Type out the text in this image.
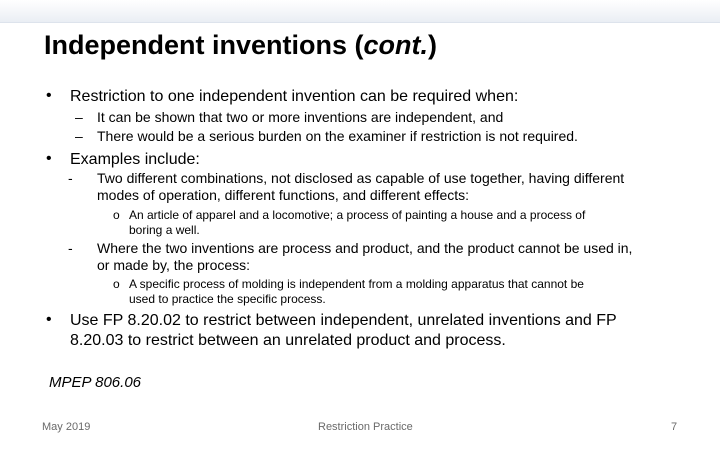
Independent inventions (cont.)
• Restriction to one independent invention can be required when:
– It can be shown that two or more inventions are independent, and
– There would be a serious burden on the examiner if restriction is not required.
• Examples include:
- Two different combinations, not disclosed as capable of use together, having different
modes of operation, different functions, and different effects:
o An article of apparel and a locomotive; a process of painting a house and a process of
boring a well.
- Where the two inventions are process and product, and the product cannot be used in,
or made by, the process:
o A specific process of molding is independent from a molding apparatus that cannot be
used to practice the specific process.
• Use FP 8.20.02 to restrict between independent, unrelated inventions and FP
8.20.03 to restrict between an unrelated product and process.
MPEP 806.06
May 2019	Restriction Practice	7
